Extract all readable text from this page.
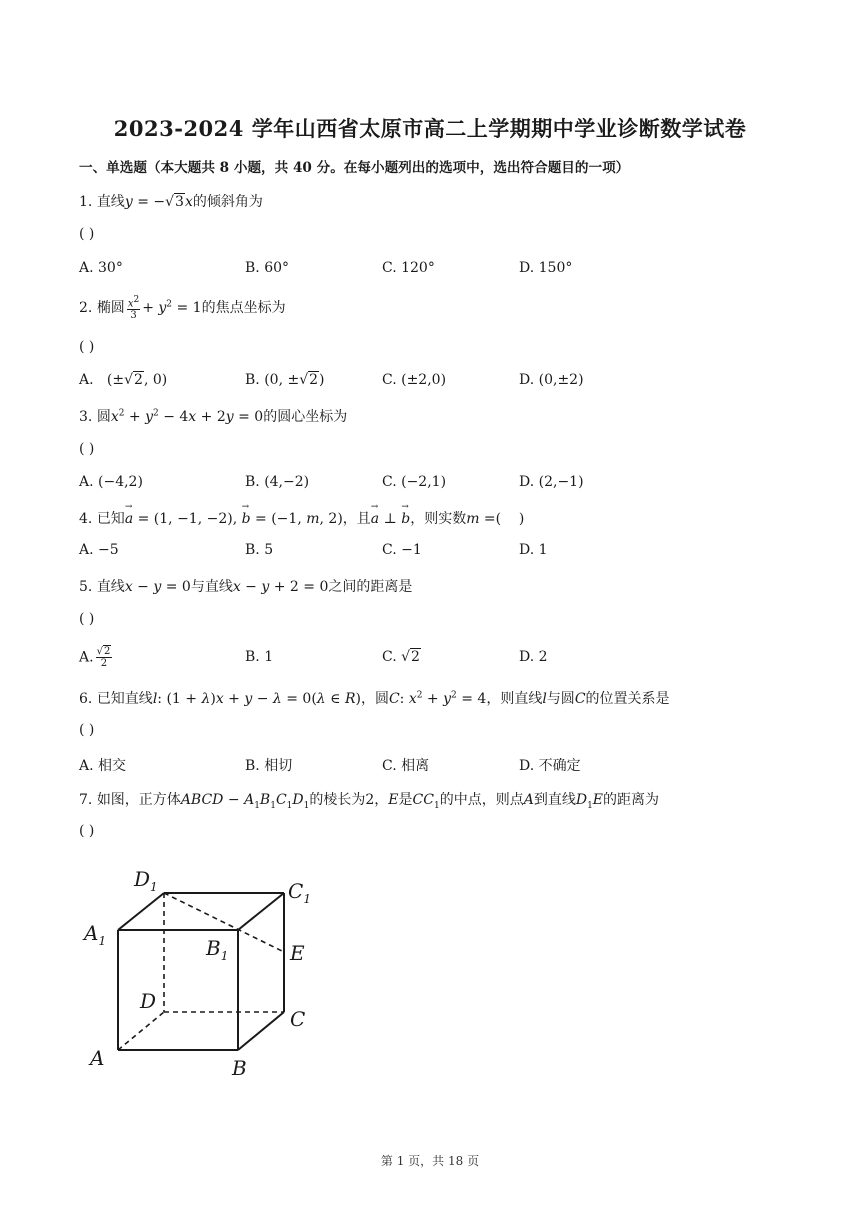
2023-2024 学年山西省太原市高二上学期期中学业诊断数学试卷
一、单选题（本大题共 8 小题，共 40 分。在每小题列出的选项中，选出符合题目的一项）
1. 直线y = −√3x的倾斜角为
( )
A. 30°	B. 60°	C. 120°	D. 150°
2. 椭圆 $\frac{x^2}{3} + y^2 = 1$的焦点坐标为
( )
A. (±√2, 0)	B. (0, ±√2)	C. (±2,0)	D. (0,±2)
3. 圆$x^2 + y^2 - 4x + 2y = 0$的圆心坐标为
( )
A. (−4,2)	B. (4,−2)	C. (−2,1)	D. (2,−1)
4. 已知→ a = (1, −1, −2), → b = (−1, m, 2)，且→ a ⊥ → b，则实数m =(    )
A. −5	B. 5	C. −1	D. 1
5. 直线x − y = 0与直线x − y + 2 = 0之间的距离是
( )
A. $\frac{√2}{2}$	B. 1	C. √2	D. 2
6. 已知直线l: (1 + λ)x + y − λ = 0(λ ∈ R)，圆C: $x^2 + y^2 = 4$，则直线l与圆C的位置关系是
( )
A. 相交	B. 相切	C. 相离	D. 不确定
7. 如图，正方体ABCD − $A_1B_1C_1D_1$的棱长为2，E是$CC_1$的中点，则点A到直线$D_1E$的距离为
( )
$D_1$	$C_1$
$A_1$	$B_1$	E
D
C
A	B
第 1 页，共 18 页
